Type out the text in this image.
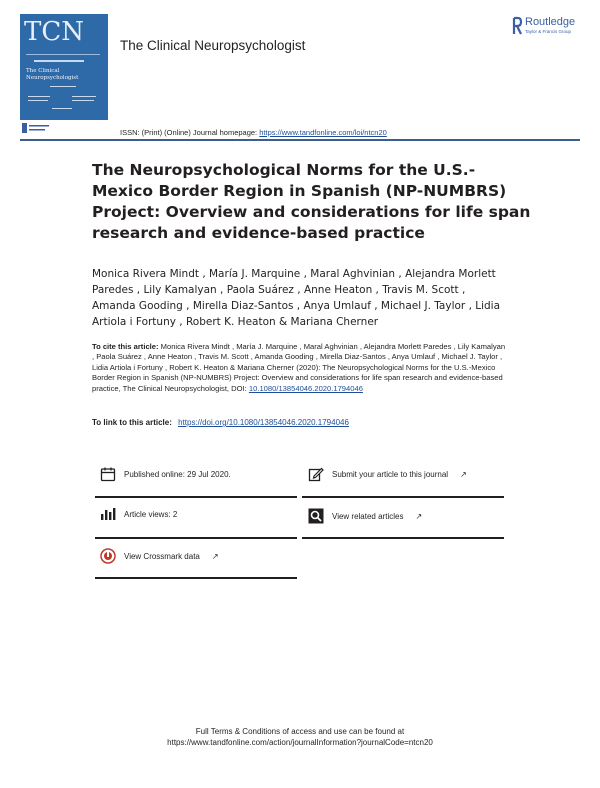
TCN
The Clinical Neuropsychologist
The Clinical Neuropsychologist
Routledge
Taylor & Francis Group
ISSN: (Print) (Online) Journal homepage: https://www.tandfonline.com/loi/ntcn20
The Neuropsychological Norms for the U.S.-Mexico Border Region in Spanish (NP-NUMBRS) Project: Overview and considerations for life span research and evidence-based practice
Monica Rivera Mindt , María J. Marquine , Maral Aghvinian , Alejandra Morlett Paredes , Lily Kamalyan , Paola Suárez , Anne Heaton , Travis M. Scott , Amanda Gooding , Mirella Diaz-Santos , Anya Umlauf , Michael J. Taylor , Lidia Artiola i Fortuny , Robert K. Heaton & Mariana Cherner
To cite this article: Monica Rivera Mindt , María J. Marquine , Maral Aghvinian , Alejandra Morlett Paredes , Lily Kamalyan , Paola Suárez , Anne Heaton , Travis M. Scott , Amanda Gooding , Mirella Diaz-Santos , Anya Umlauf , Michael J. Taylor , Lidia Artiola i Fortuny , Robert K. Heaton & Mariana Cherner (2020): The Neuropsychological Norms for the U.S.-Mexico Border Region in Spanish (NP-NUMBRS) Project: Overview and considerations for life span research and evidence-based practice, The Clinical Neuropsychologist, DOI: 10.1080/13854046.2020.1794046
To link to this article: https://doi.org/10.1080/13854046.2020.1794046
Published online: 29 Jul 2020.	Submit your article to this journal ↗
Article views: 2	View related articles ↗
View Crossmark data ↗
Full Terms & Conditions of access and use can be found at
https://www.tandfonline.com/action/journalInformation?journalCode=ntcn20
